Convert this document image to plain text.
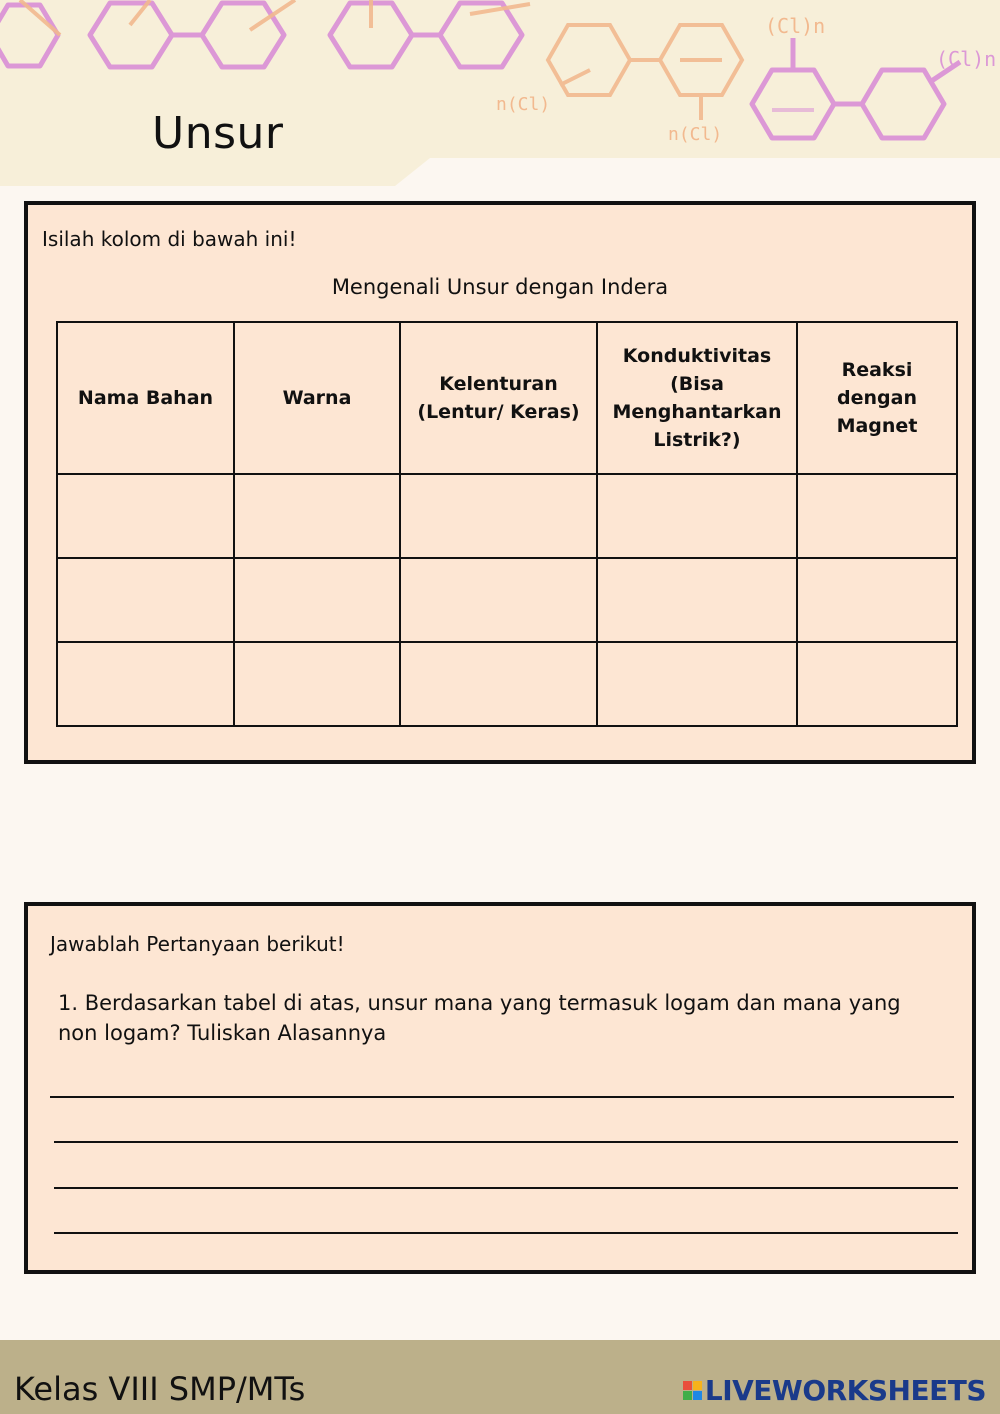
(Cl)n
(Cl)n
n(Cl)
n(Cl)
Unsur
Isilah kolom di bawah ini!
Mengenali Unsur dengan Indera
Nama Bahan	Warna	Kelenturan (Lentur/ Keras)	Konduktivitas (Bisa Menghantarkan Listrik?)	Reaksi dengan Magnet

Jawablah Pertanyaan berikut!
1. Berdasarkan tabel di atas, unsur mana yang termasuk logam dan mana yang non logam? Tuliskan Alasannya
Kelas VIII SMP/MTs	LIVEWORKSHEETS
